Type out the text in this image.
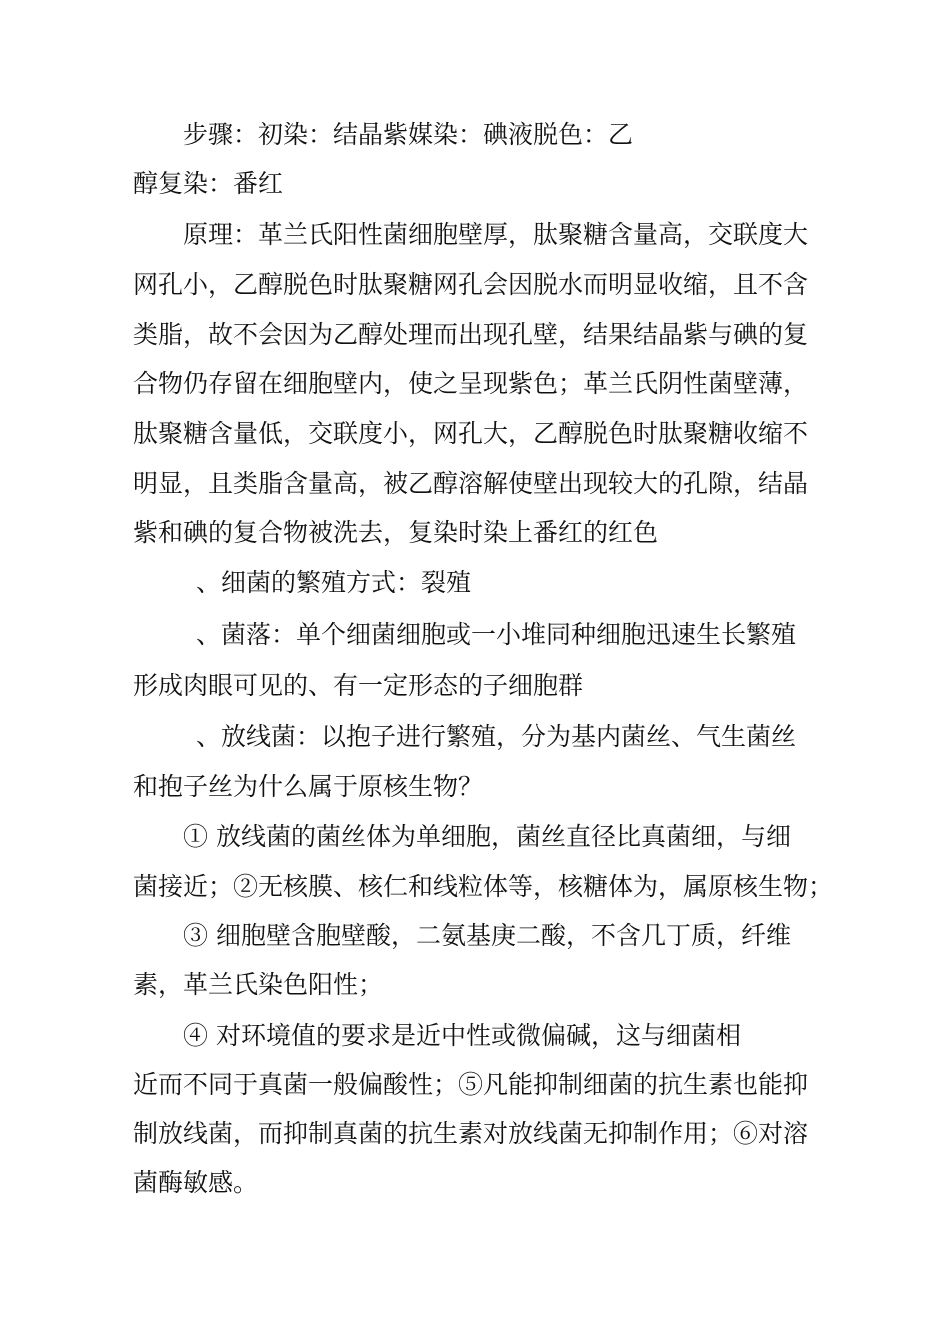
步骤：初染：结晶紫媒染：碘液脱色：乙
醇复染：番红
原理：革兰氏阳性菌细胞壁厚，肽聚糖含量高，交联度大
网孔小，乙醇脱色时肽聚糖网孔会因脱水而明显收缩，且不含
类脂，故不会因为乙醇处理而出现孔壁，结果结晶紫与碘的复
合物仍存留在细胞壁内，使之呈现紫色；革兰氏阴性菌壁薄，
肽聚糖含量低，交联度小，网孔大，乙醇脱色时肽聚糖收缩不
明显，且类脂含量高，被乙醇溶解使壁出现较大的孔隙，结晶
紫和碘的复合物被洗去，复染时染上番红的红色
、细菌的繁殖方式：裂殖
、菌落：单个细菌细胞或一小堆同种细胞迅速生长繁殖
形成肉眼可见的、有一定形态的子细胞群
、放线菌：以抱子进行繁殖，分为基内菌丝、气生菌丝
和抱子丝为什么属于原核生物？
① 放线菌的菌丝体为单细胞，菌丝直径比真菌细，与细
菌接近；②无核膜、核仁和线粒体等，核糖体为，属原核生物；
③ 细胞壁含胞壁酸，二氨基庚二酸，不含几丁质，纤维
素，革兰氏染色阳性；
④ 对环境值的要求是近中性或微偏碱，这与细菌相
近而不同于真菌一般偏酸性；⑤凡能抑制细菌的抗生素也能抑
制放线菌，而抑制真菌的抗生素对放线菌无抑制作用；⑥对溶
菌酶敏感。
